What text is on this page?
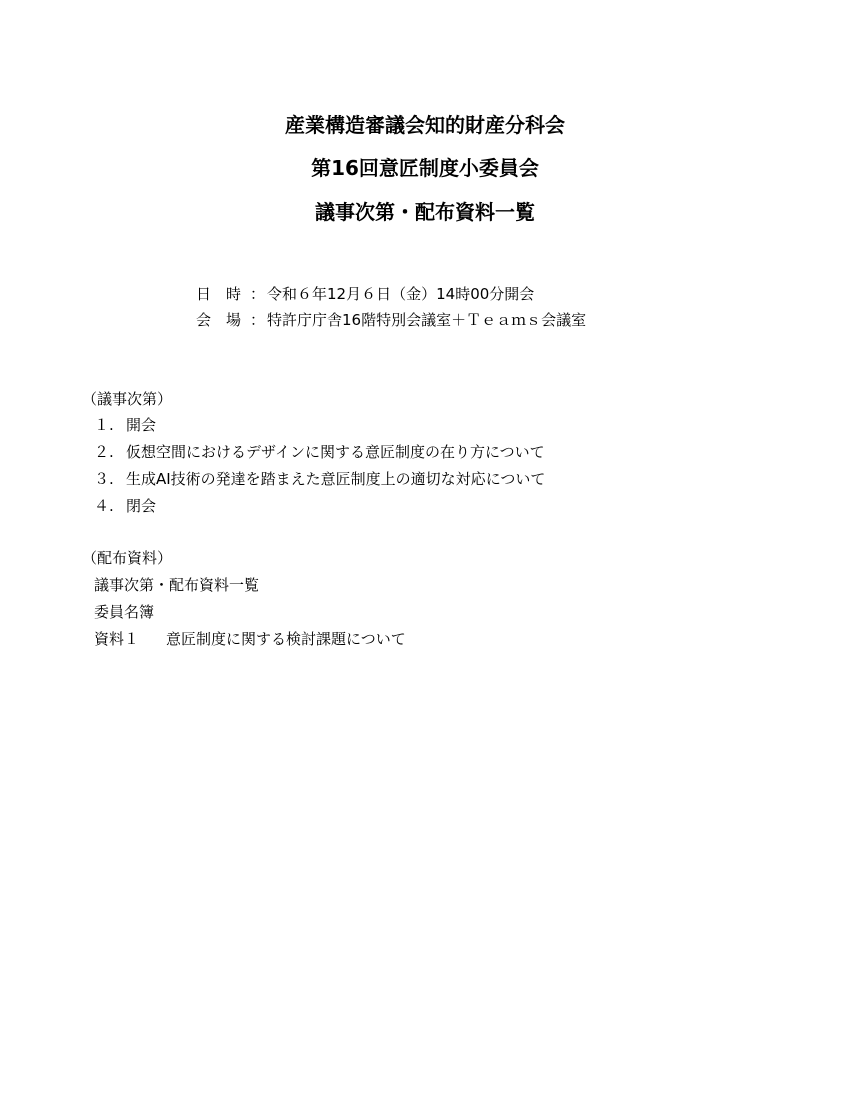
産業構造審議会知的財産分科会
第16回意匠制度小委員会
議事次第・配布資料一覧
日　時 ： 令和６年12月６日（金）14時00分開会
会　場 ： 特許庁庁舎16階特別会議室＋Ｔｅａｍｓ会議室
（議事次第）
１. 開会
２. 仮想空間におけるデザインに関する意匠制度の在り方について
３. 生成AI技術の発達を踏まえた意匠制度上の適切な対応について
４. 閉会
（配布資料）
議事次第・配布資料一覧
委員名簿
資料１ 意匠制度に関する検討課題について
